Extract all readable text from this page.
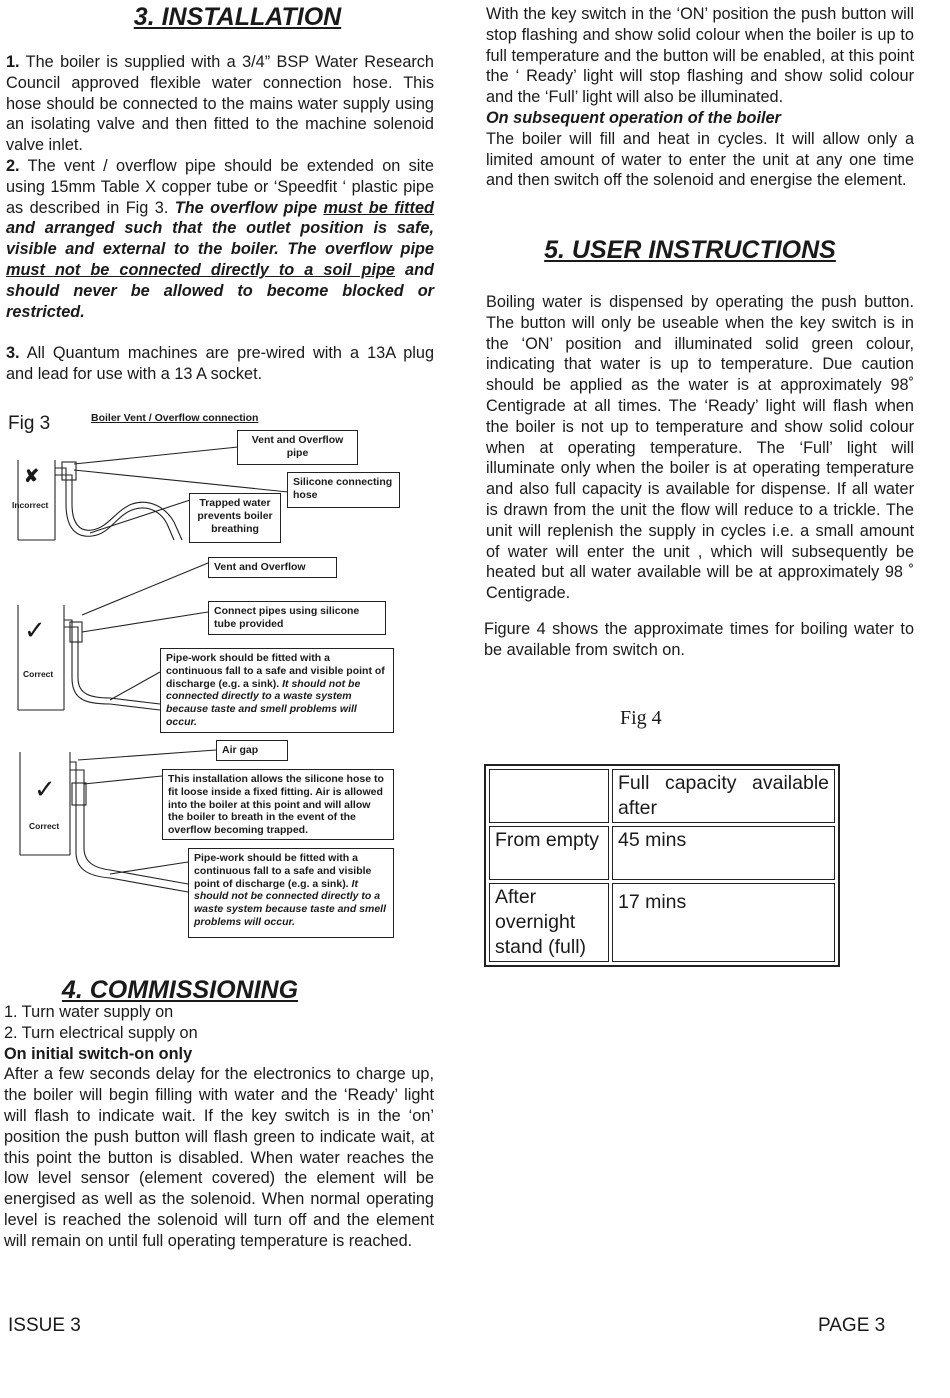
3. INSTALLATION

1. The boiler is supplied with a 3/4” BSP Water Research Council approved flexible water connection hose. This hose should be connected to the mains water supply using an isolating valve and then fitted to the machine solenoid valve inlet.

2. The vent / overflow pipe should be extended on site using 15mm Table X copper tube or ‘Speedfit ‘ plastic pipe as described in Fig 3. The overflow pipe must be fitted and arranged such that the outlet position is safe, visible and external to the boiler. The overflow pipe must not be connected directly to a soil pipe and should never be allowed to become blocked or restricted.

3. All Quantum machines are pre-wired with a 13A plug and lead for use with a 13 A socket.

Fig 3	Boiler Vent / Overflow connection
✘
Incorrect
✓
Correct
✓
Correct
Vent and Overflow pipe
Silicone connecting hose
Trapped water prevents boiler breathing
Vent and Overflow
Connect pipes using silicone tube provided
Pipe-work should be fitted with a continuous fall to a safe and visible point of discharge (e.g. a sink). It should not be connected directly to a waste system because taste and smell problems will occur.
Air gap
This installation allows the silicone hose to fit loose inside a fixed fitting. Air is allowed into the boiler at this point and will allow the boiler to breath in the event of the overflow becoming trapped.
Pipe-work should be fitted with a continuous fall to a safe and visible point of discharge (e.g. a sink). It should not be connected directly to a waste system because taste and smell problems will occur.
4. COMMISSIONING

1. Turn water supply on

2. Turn electrical supply on

On initial switch-on only

After a few seconds delay for the electronics to charge up, the boiler will begin filling with water and the ‘Ready’ light will flash to indicate wait. If the key switch is in the ‘on’ position the push button will flash green to indicate wait, at this point the button is disabled. When water reaches the low level sensor (element covered) the element will be energised as well as the solenoid. When normal operating level is reached the solenoid will turn off and the element will remain on until full operating temperature is reached.

With the key switch in the ‘ON’ position the push button will stop flashing and show solid colour when the boiler is up to full temperature and the button will be enabled, at this point the ‘ Ready’ light will stop flashing and show solid colour and the ‘Full’ light will also be illuminated.

On subsequent operation of the boiler

The boiler will fill and heat in cycles. It will allow only a limited amount of water to enter the unit at any one time and then switch off the solenoid and energise the element.

5. USER INSTRUCTIONS
Boiling water is dispensed by operating the push button. The button will only be useable when the key switch is in the ‘ON’ position and illuminated solid green colour, indicating that water is up to temperature. Due caution should be applied as the water is at approximately 98˚ Centigrade at all times. The ‘Ready’ light will flash when the boiler is not up to temperature and show solid colour when at operating temperature. The ‘Full’ light will illuminate only when the boiler is at operating temperature and also full capacity is available for dispense. If all water is drawn from the unit the flow will reduce to a trickle. The unit will replenish the supply in cycles i.e. a small amount of water will enter the unit , which will subsequently be heated but all water available will be at approximately 98 ˚ Centigrade.
Figure 4 shows the approximate times for boiling water to be available from switch on.
Fig 4
	Full capacity available after
From empty	45 mins
After overnight stand (full)	17 mins
ISSUE 3	PAGE 3
